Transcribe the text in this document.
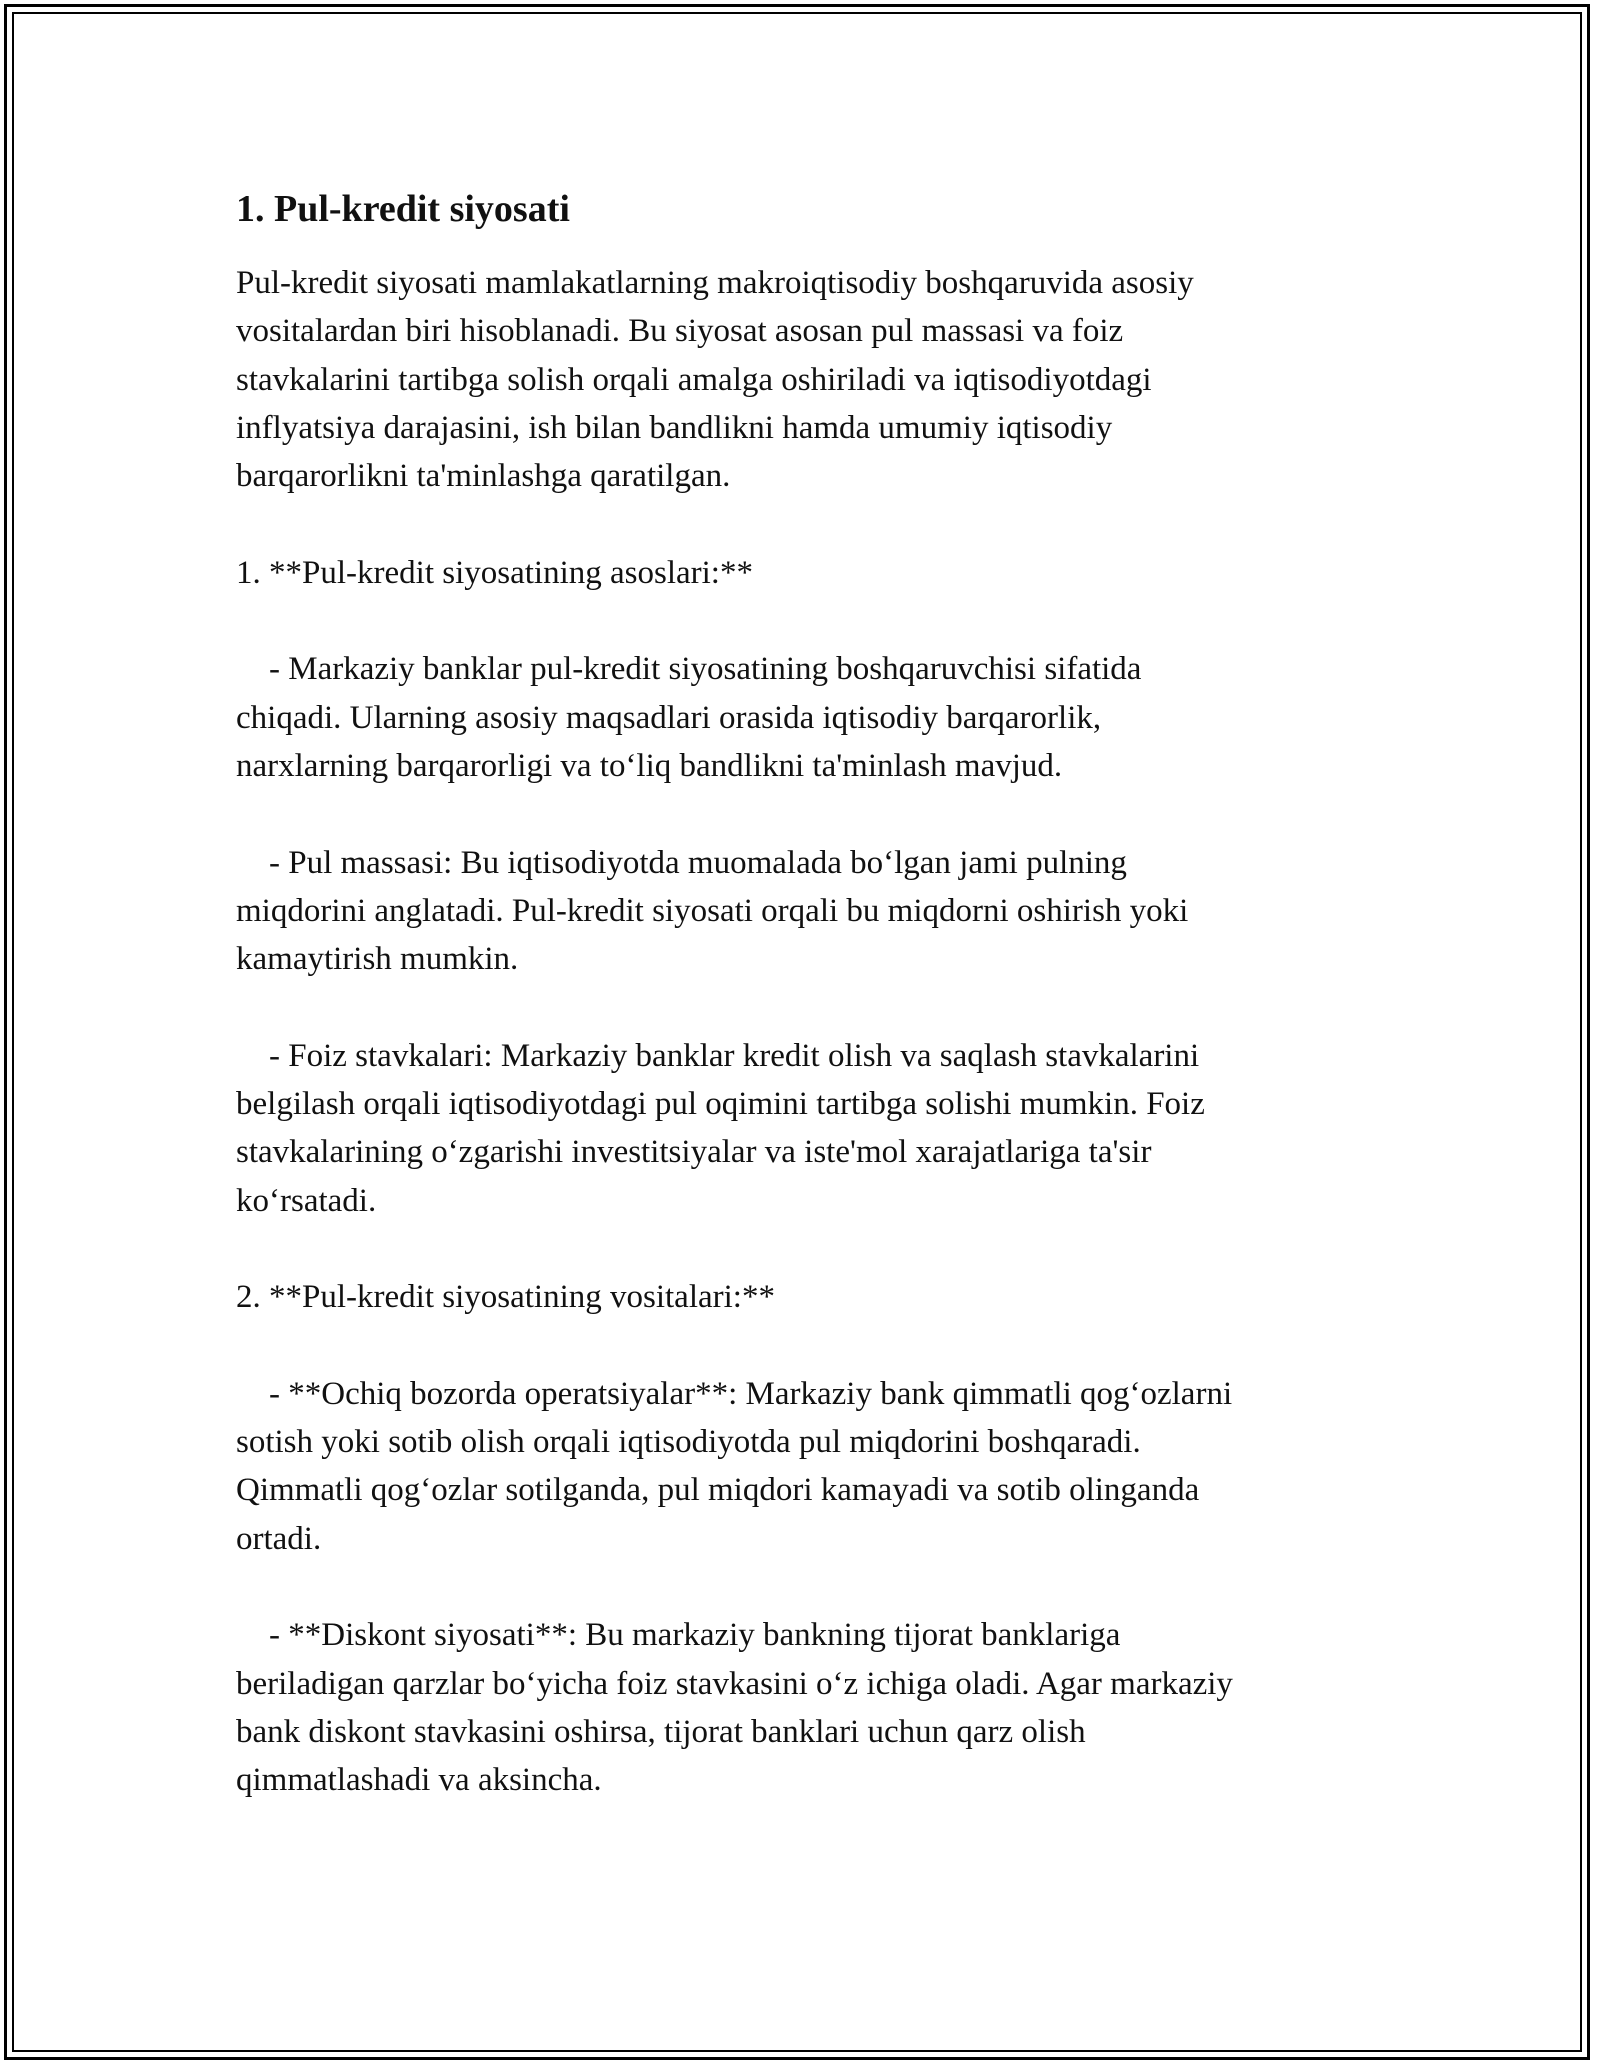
1. Pul-kredit siyosati
Pul-kredit siyosati mamlakatlarning makroiqtisodiy boshqaruvida asosiy
vositalardan biri hisoblanadi. Bu siyosat asosan pul massasi va foiz
stavkalarini tartibga solish orqali amalga oshiriladi va iqtisodiyotdagi
inflyatsiya darajasini, ish bilan bandlikni hamda umumiy iqtisodiy
barqarorlikni ta'minlashga qaratilgan.
1. **Pul-kredit siyosatining asoslari:**
- Markaziy banklar pul-kredit siyosatining boshqaruvchisi sifatida
chiqadi. Ularning asosiy maqsadlari orasida iqtisodiy barqarorlik,
narxlarning barqarorligi va to‘liq bandlikni ta'minlash mavjud.
- Pul massasi: Bu iqtisodiyotda muomalada bo‘lgan jami pulning
miqdorini anglatadi. Pul-kredit siyosati orqali bu miqdorni oshirish yoki
kamaytirish mumkin.
- Foiz stavkalari: Markaziy banklar kredit olish va saqlash stavkalarini
belgilash orqali iqtisodiyotdagi pul oqimini tartibga solishi mumkin. Foiz
stavkalarining o‘zgarishi investitsiyalar va iste'mol xarajatlariga ta'sir
ko‘rsatadi.
2. **Pul-kredit siyosatining vositalari:**
- **Ochiq bozorda operatsiyalar**: Markaziy bank qimmatli qog‘ozlarni
sotish yoki sotib olish orqali iqtisodiyotda pul miqdorini boshqaradi.
Qimmatli qog‘ozlar sotilganda, pul miqdori kamayadi va sotib olinganda
ortadi.
- **Diskont siyosati**: Bu markaziy bankning tijorat banklariga
beriladigan qarzlar bo‘yicha foiz stavkasini o‘z ichiga oladi. Agar markaziy
bank diskont stavkasini oshirsa, tijorat banklari uchun qarz olish
qimmatlashadi va aksincha.
